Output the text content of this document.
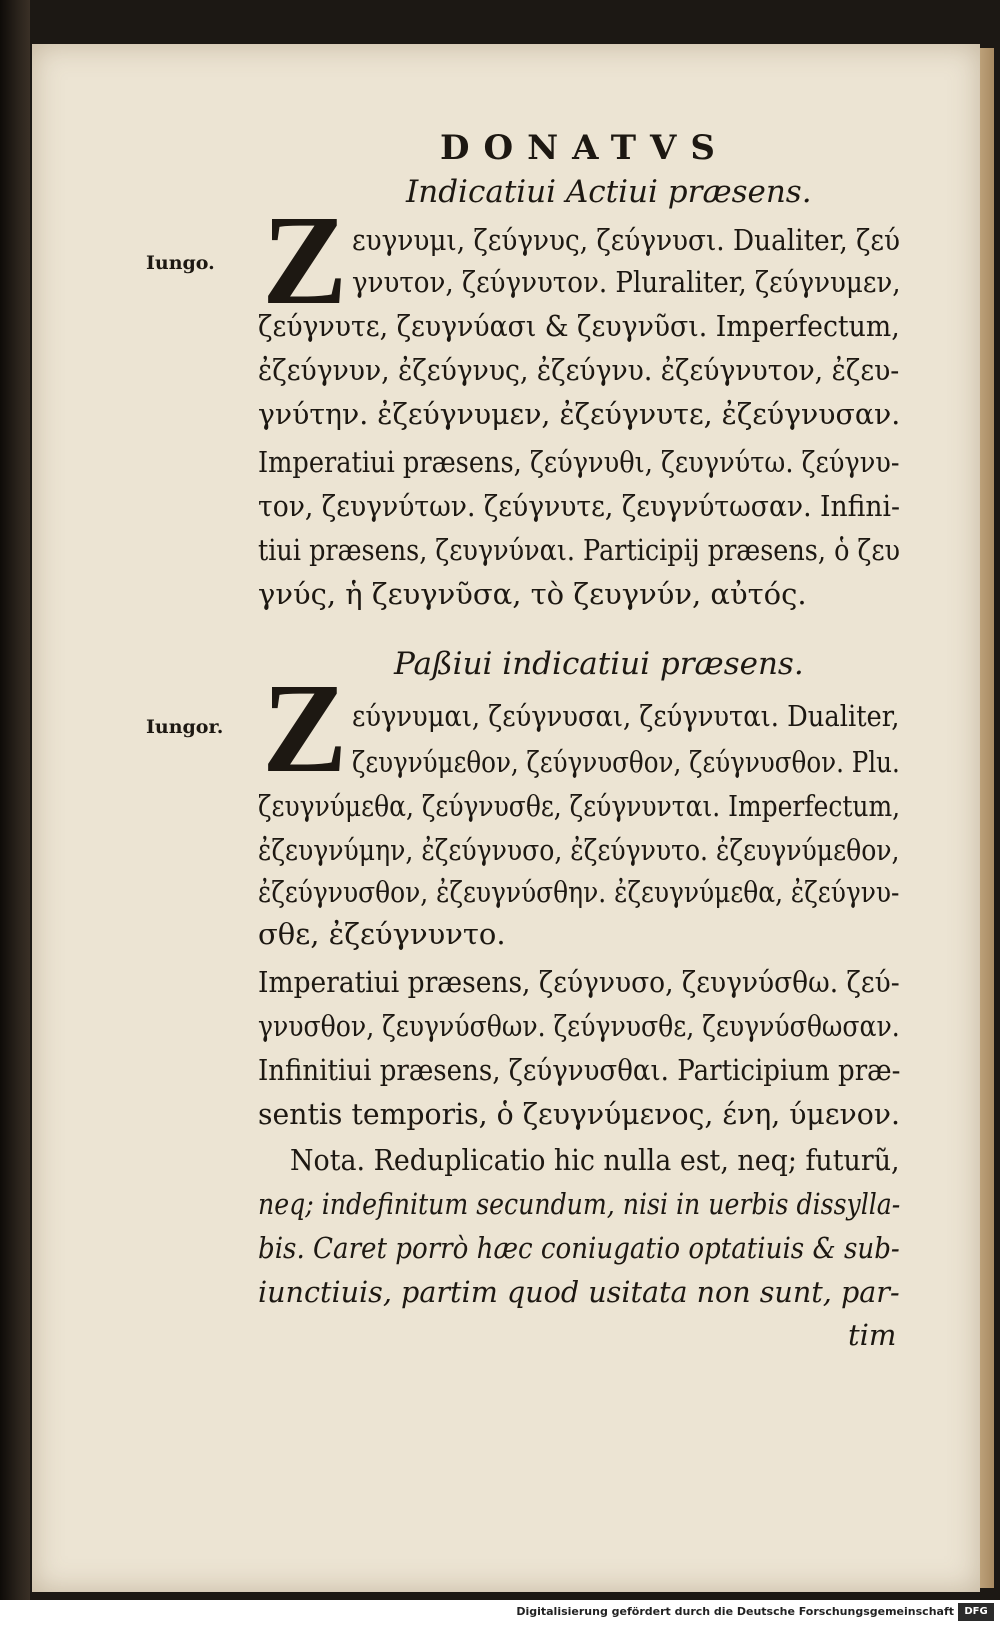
DONATVS
Indicatiui Actiui præsens.
Iungo. Z ευγνυμι, ζεύγνυς, ζεύγνυσι. Dualiter, ζεύ
γνυτον, ζεύγνυτον. Pluraliter, ζεύγνυμεν,
ζεύγνυτε, ζευγνύασι & ζευγνῦσι. Imperfectum,
ἐζεύγνυν, ἐζεύγνυς, ἐζεύγνυ. ἐζεύγνυτον, ἐζευ-
γνύτην. ἐζεύγνυμεν, ἐζεύγνυτε, ἐζεύγνυσαν.
Imperatiui præsens, ζεύγνυθι, ζευγνύτω. ζεύγνυ-
τον, ζευγνύτων. ζεύγνυτε, ζευγνύτωσαν. Infini-
tiui præsens, ζευγνύναι. Participij præsens, ὁ ζευ
γνύς, ἡ ζευγνῦσα, τὸ ζευγνύν, αὐτός.
Paßiui indicatiui præsens.
Iungor. Z εύγνυμαι, ζεύγνυσαι, ζεύγνυται. Dualiter,
ζευγνύμεθον, ζεύγνυσθον, ζεύγνυσθον. Plu.
ζευγνύμεθα, ζεύγνυσθε, ζεύγνυνται. Imperfectum,
ἐζευγνύμην, ἐζεύγνυσο, ἐζεύγνυτο. ἐζευγνύμεθον,
ἐζεύγνυσθον, ἐζευγνύσθην. ἐζευγνύμεθα, ἐζεύγνυ-
σθε, ἐζεύγνυντο.
Imperatiui præsens, ζεύγνυσο, ζευγνύσθω. ζεύ-
γνυσθον, ζευγνύσθων. ζεύγνυσθε, ζευγνύσθωσαν.
Infinitiui præsens, ζεύγνυσθαι. Participium præ-
sentis temporis, ὁ ζευγνύμενος, ένη, ύμενον.
Nota. Reduplicatio hic nulla est, neq; futurũ,
neq; indefinitum secundum, nisi in uerbis dissylla-
bis. Caret porrò hæc coniugatio optatiuis & sub-
iunctiuis, partim quod usitata non sunt, par-
tim
Digitalisierung gefördert durch die Deutsche Forschungsgemeinschaft	DFG
